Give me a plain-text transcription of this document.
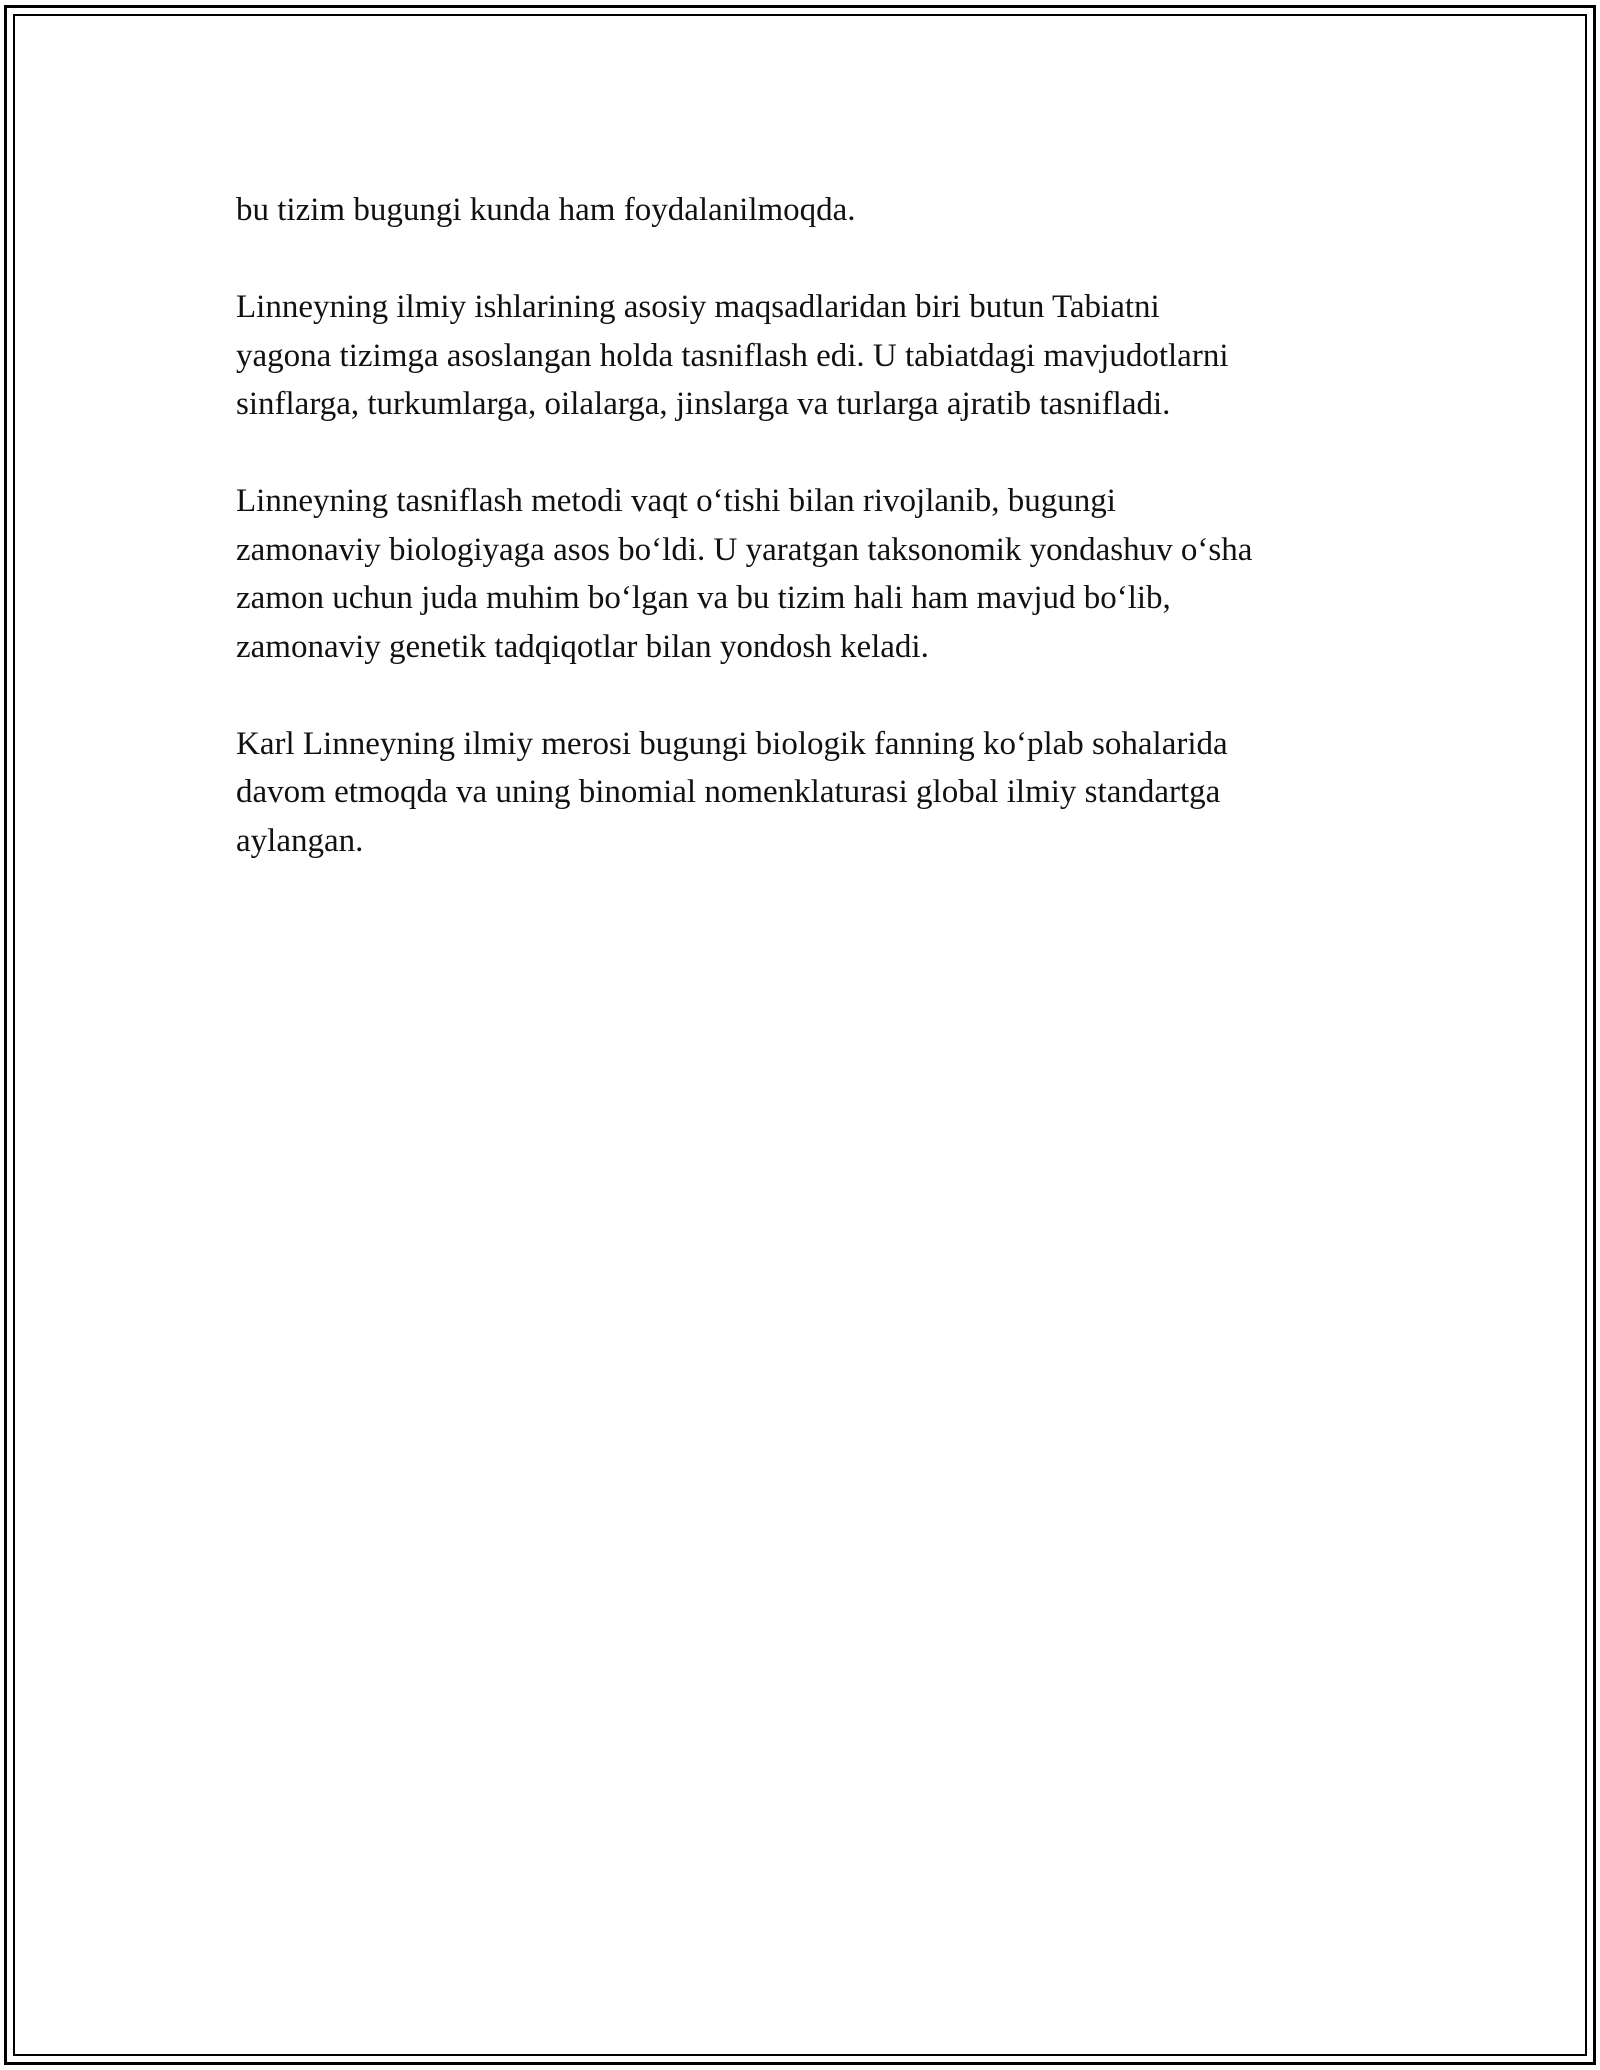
bu tizim bugungi kunda ham foydalanilmoqda.

Linneyning ilmiy ishlarining asosiy maqsadlaridan biri butun Tabiatni
yagona tizimga asoslangan holda tasniflash edi. U tabiatdagi mavjudotlarni
sinflarga, turkumlarga, oilalarga, jinslarga va turlarga ajratib tasnifladi.

Linneyning tasniflash metodi vaqt o‘tishi bilan rivojlanib, bugungi
zamonaviy biologiyaga asos bo‘ldi. U yaratgan taksonomik yondashuv o‘sha
zamon uchun juda muhim bo‘lgan va bu tizim hali ham mavjud bo‘lib,
zamonaviy genetik tadqiqotlar bilan yondosh keladi.

Karl Linneyning ilmiy merosi bugungi biologik fanning ko‘plab sohalarida
davom etmoqda va uning binomial nomenklaturasi global ilmiy standartga
aylangan.
